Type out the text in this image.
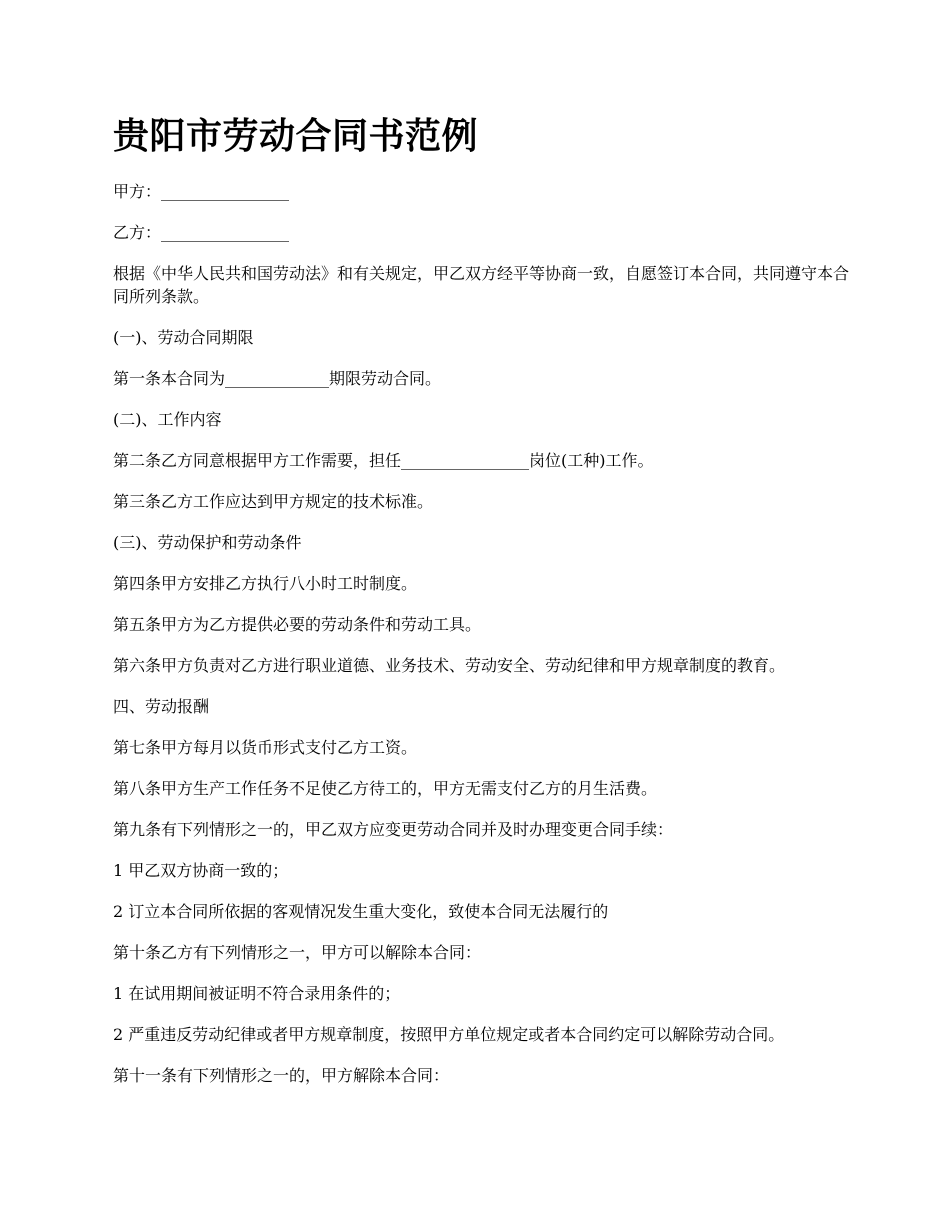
贵阳市劳动合同书范例

甲方：________________

乙方：________________

根据《中华人民共和国劳动法》和有关规定，甲乙双方经平等协商一致，自愿签订本合同，共同遵守本合同所列条款。

(一)、劳动合同期限

第一条本合同为_____________期限劳动合同。

(二)、工作内容

第二条乙方同意根据甲方工作需要，担任________________岗位(工种)工作。

第三条乙方工作应达到甲方规定的技术标准。

(三)、劳动保护和劳动条件

第四条甲方安排乙方执行八小时工时制度。

第五条甲方为乙方提供必要的劳动条件和劳动工具。

第六条甲方负责对乙方进行职业道德、业务技术、劳动安全、劳动纪律和甲方规章制度的教育。

四、劳动报酬

第七条甲方每月以货币形式支付乙方工资。

第八条甲方生产工作任务不足使乙方待工的，甲方无需支付乙方的月生活费。

第九条有下列情形之一的，甲乙双方应变更劳动合同并及时办理变更合同手续：

1 甲乙双方协商一致的；

2 订立本合同所依据的客观情况发生重大变化，致使本合同无法履行的

第十条乙方有下列情形之一，甲方可以解除本合同：

1 在试用期间被证明不符合录用条件的；

2 严重违反劳动纪律或者甲方规章制度，按照甲方单位规定或者本合同约定可以解除劳动合同。

第十一条有下列情形之一的，甲方解除本合同：
